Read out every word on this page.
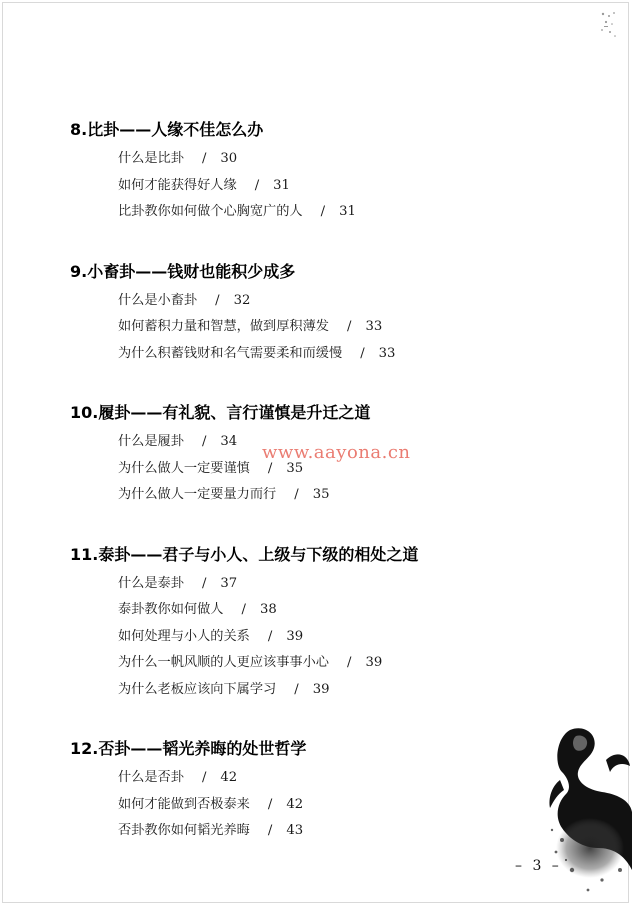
8.比卦——人缘不佳怎么办
什么是比卦 / 30
如何才能获得好人缘 / 31
比卦教你如何做个心胸宽广的人 / 31
9.小畜卦——钱财也能积少成多
什么是小畜卦 / 32
如何蓄积力量和智慧，做到厚积薄发 / 33
为什么积蓄钱财和名气需要柔和而缓慢 / 33
10.履卦——有礼貌、言行谨慎是升迁之道
什么是履卦 / 34
为什么做人一定要谨慎 / 35
为什么做人一定要量力而行 / 35
11.泰卦——君子与小人、上级与下级的相处之道
什么是泰卦 / 37
泰卦教你如何做人 / 38
如何处理与小人的关系 / 39
为什么一帆风顺的人更应该事事小心 / 39
为什么老板应该向下属学习 / 39
12.否卦——韬光养晦的处世哲学
什么是否卦 / 42
如何才能做到否极泰来 / 42
否卦教你如何韬光养晦 / 43
www.aayona.cn
– 3 –
